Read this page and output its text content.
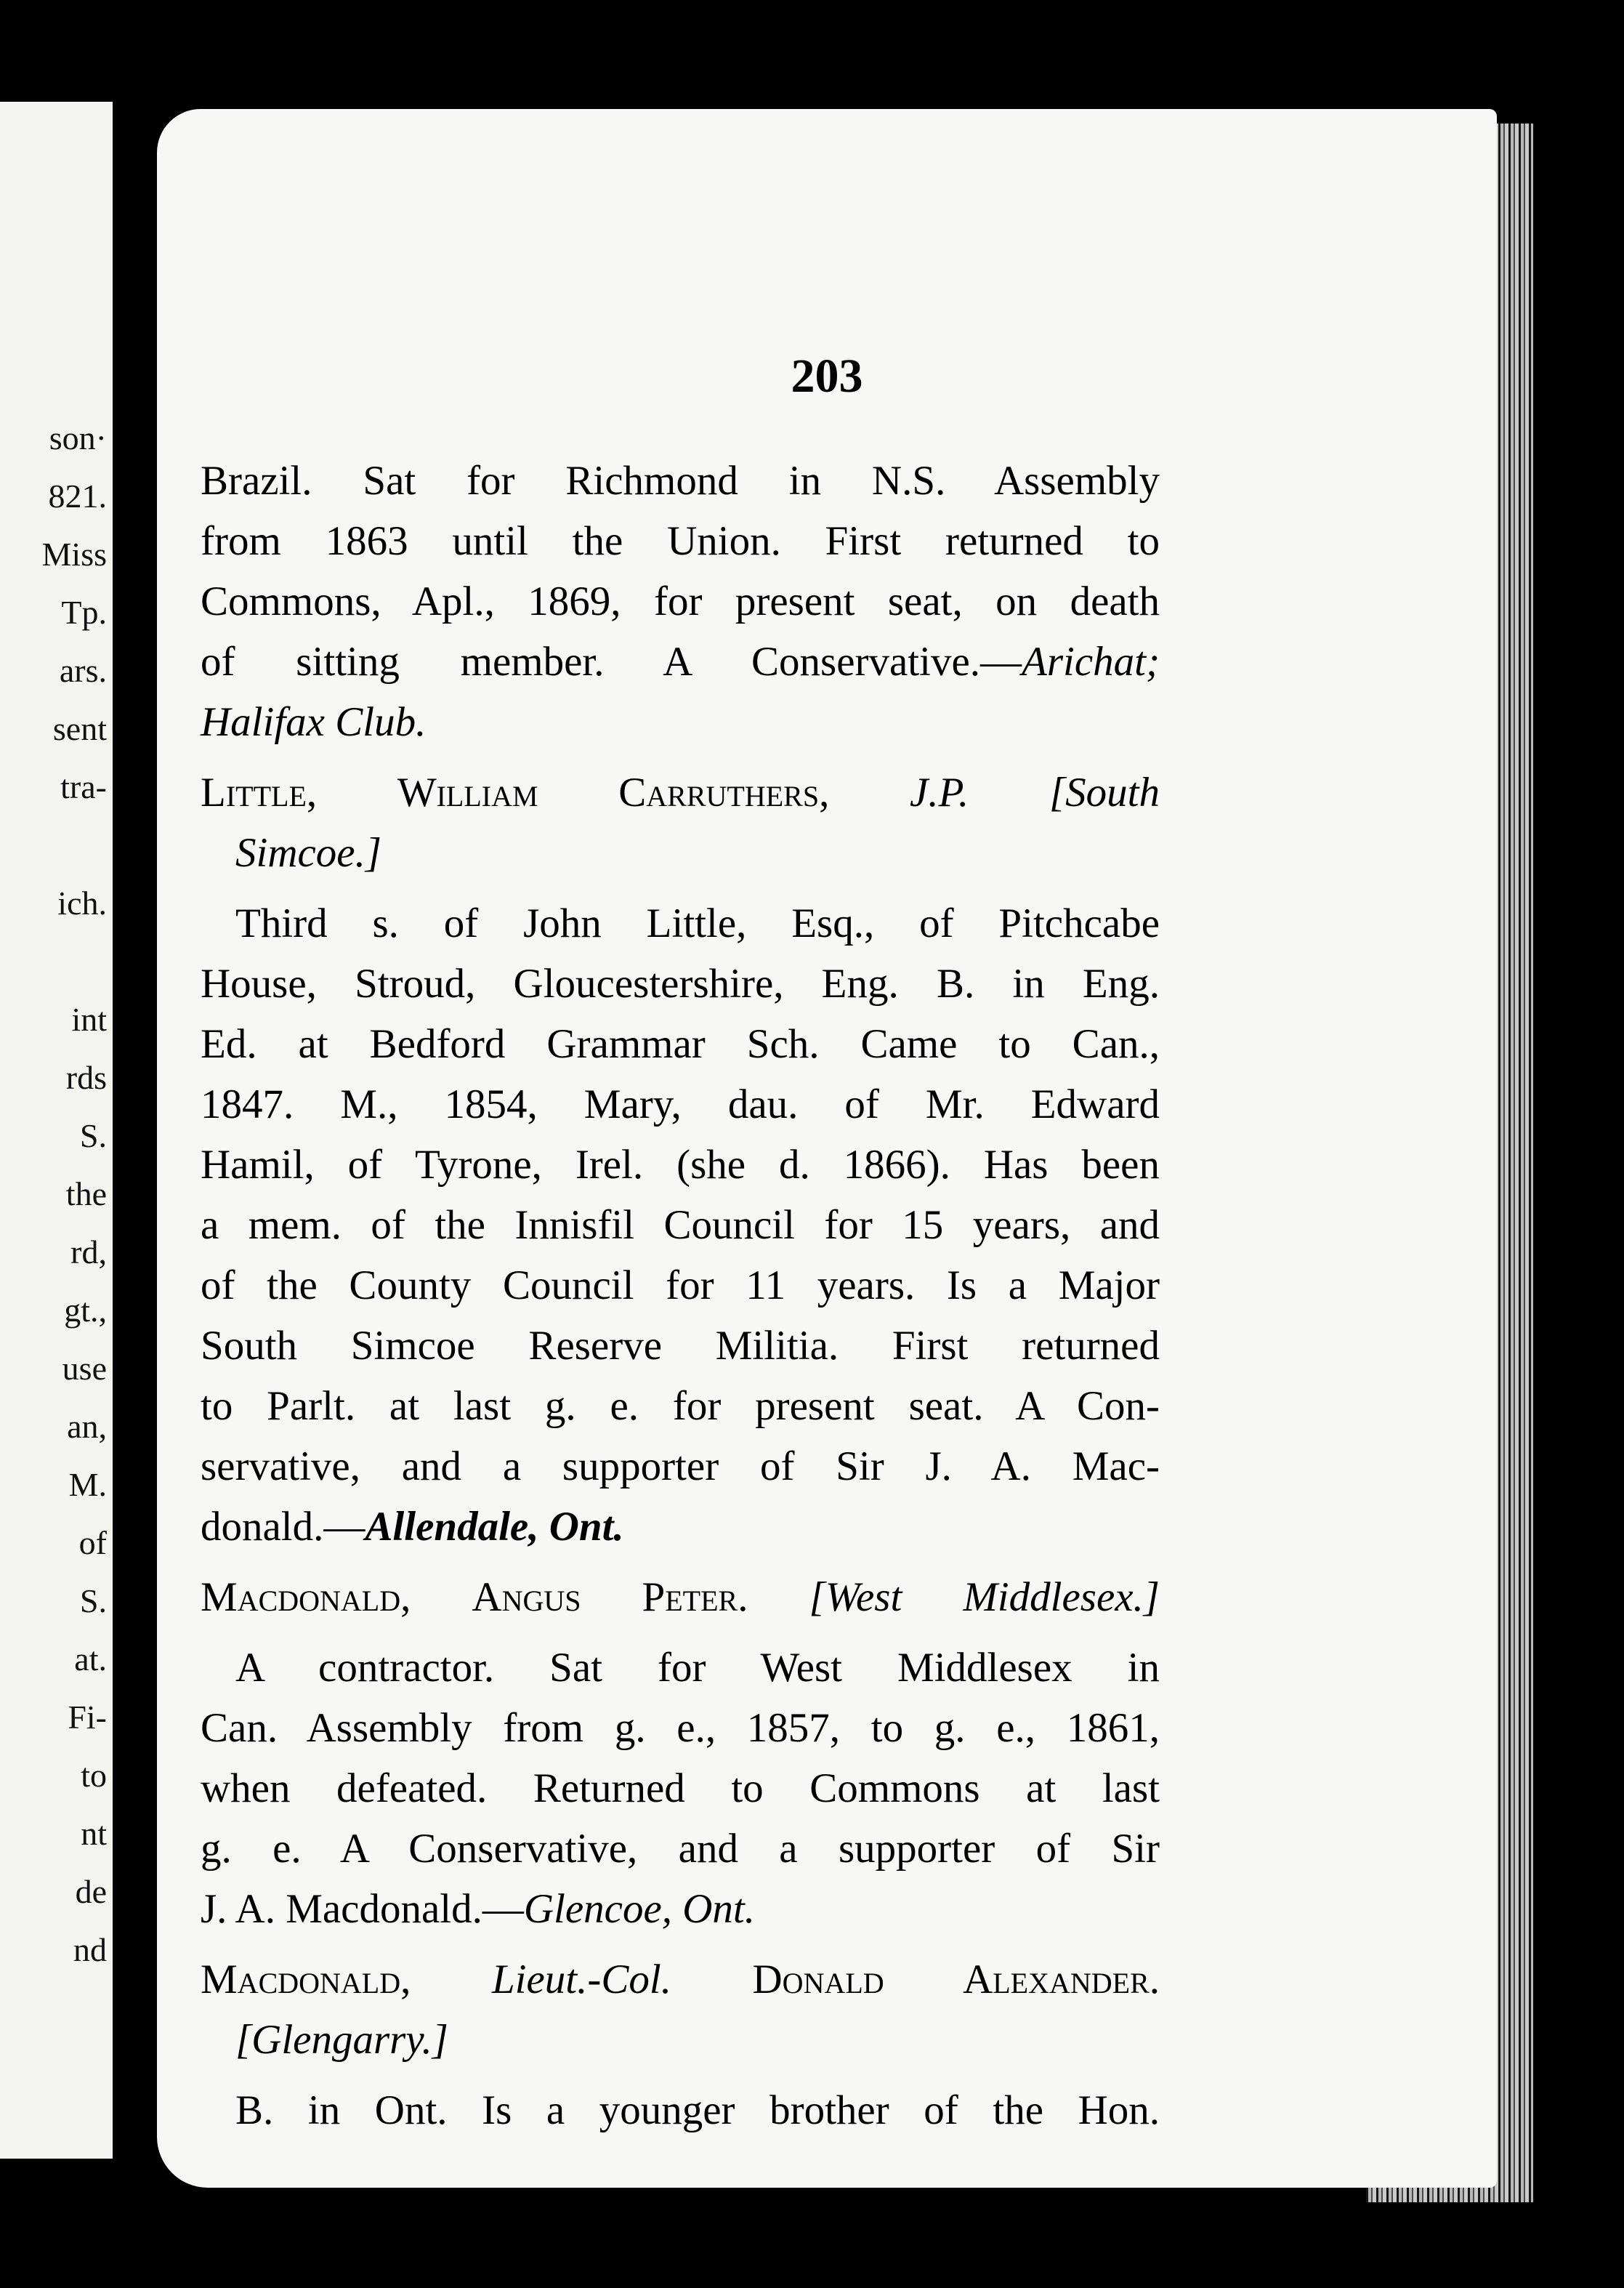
son·
821.
Miss
Tp.
ars.
sent
tra-
ich.
int
rds
S.
the
rd,
gt.,
use
an,
M.
of
S.
at.
Fi-
to
nt
de
nd
203
Brazil. Sat for Richmond in N.S. Assembly
from 1863 until the Union. First returned to
Commons, Apl., 1869, for present seat, on death
of sitting member. A Conservative.—Arichat;
Halifax Club.
Little, William Carruthers, J.P. [South
Simcoe.]
Third s. of John Little, Esq., of Pitchcabe
House, Stroud, Gloucestershire, Eng. B. in Eng.
Ed. at Bedford Grammar Sch. Came to Can.,
1847. M., 1854, Mary, dau. of Mr. Edward
Hamil, of Tyrone, Irel. (she d. 1866). Has been
a mem. of the Innisfil Council for 15 years, and
of the County Council for 11 years. Is a Major
South Simcoe Reserve Militia. First returned
to Parlt. at last g. e. for present seat. A Con-
servative, and a supporter of Sir J. A. Mac-
donald.—Allendale, Ont.
Macdonald, Angus Peter. [West Middlesex.]
A contractor. Sat for West Middlesex in
Can. Assembly from g. e., 1857, to g. e., 1861,
when defeated. Returned to Commons at last
g. e. A Conservative, and a supporter of Sir
J. A. Macdonald.—Glencoe, Ont.
Macdonald, Lieut.-Col. Donald Alexander.
[Glengarry.]
B. in Ont. Is a younger brother of the Hon.
